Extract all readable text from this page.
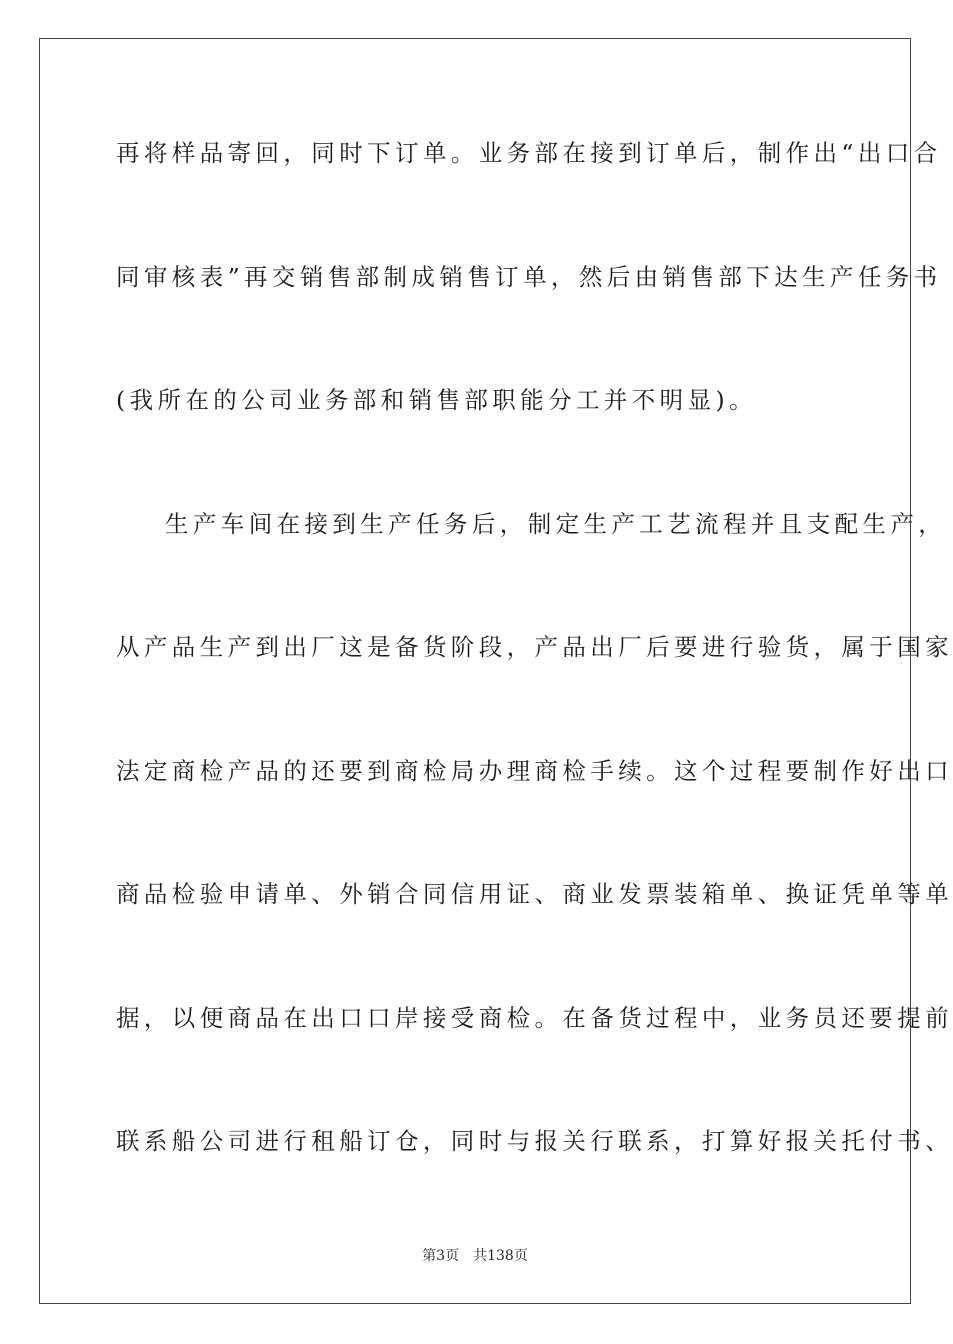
再将样品寄回，同时下订单。业务部在接到订单后，制作出“出口合
同审核表”再交销售部制成销售订单，然后由销售部下达生产任务书
(我所在的公司业务部和销售部职能分工并不明显)。
生产车间在接到生产任务后，制定生产工艺流程并且支配生产，
从产品生产到出厂这是备货阶段，产品出厂后要进行验货，属于国家
法定商检产品的还要到商检局办理商检手续。这个过程要制作好出口
商品检验申请单、外销合同信用证、商业发票装箱单、换证凭单等单
据，以便商品在出口口岸接受商检。在备货过程中，业务员还要提前
联系船公司进行租船订仓，同时与报关行联系，打算好报关托付书、
第3页 共138页
